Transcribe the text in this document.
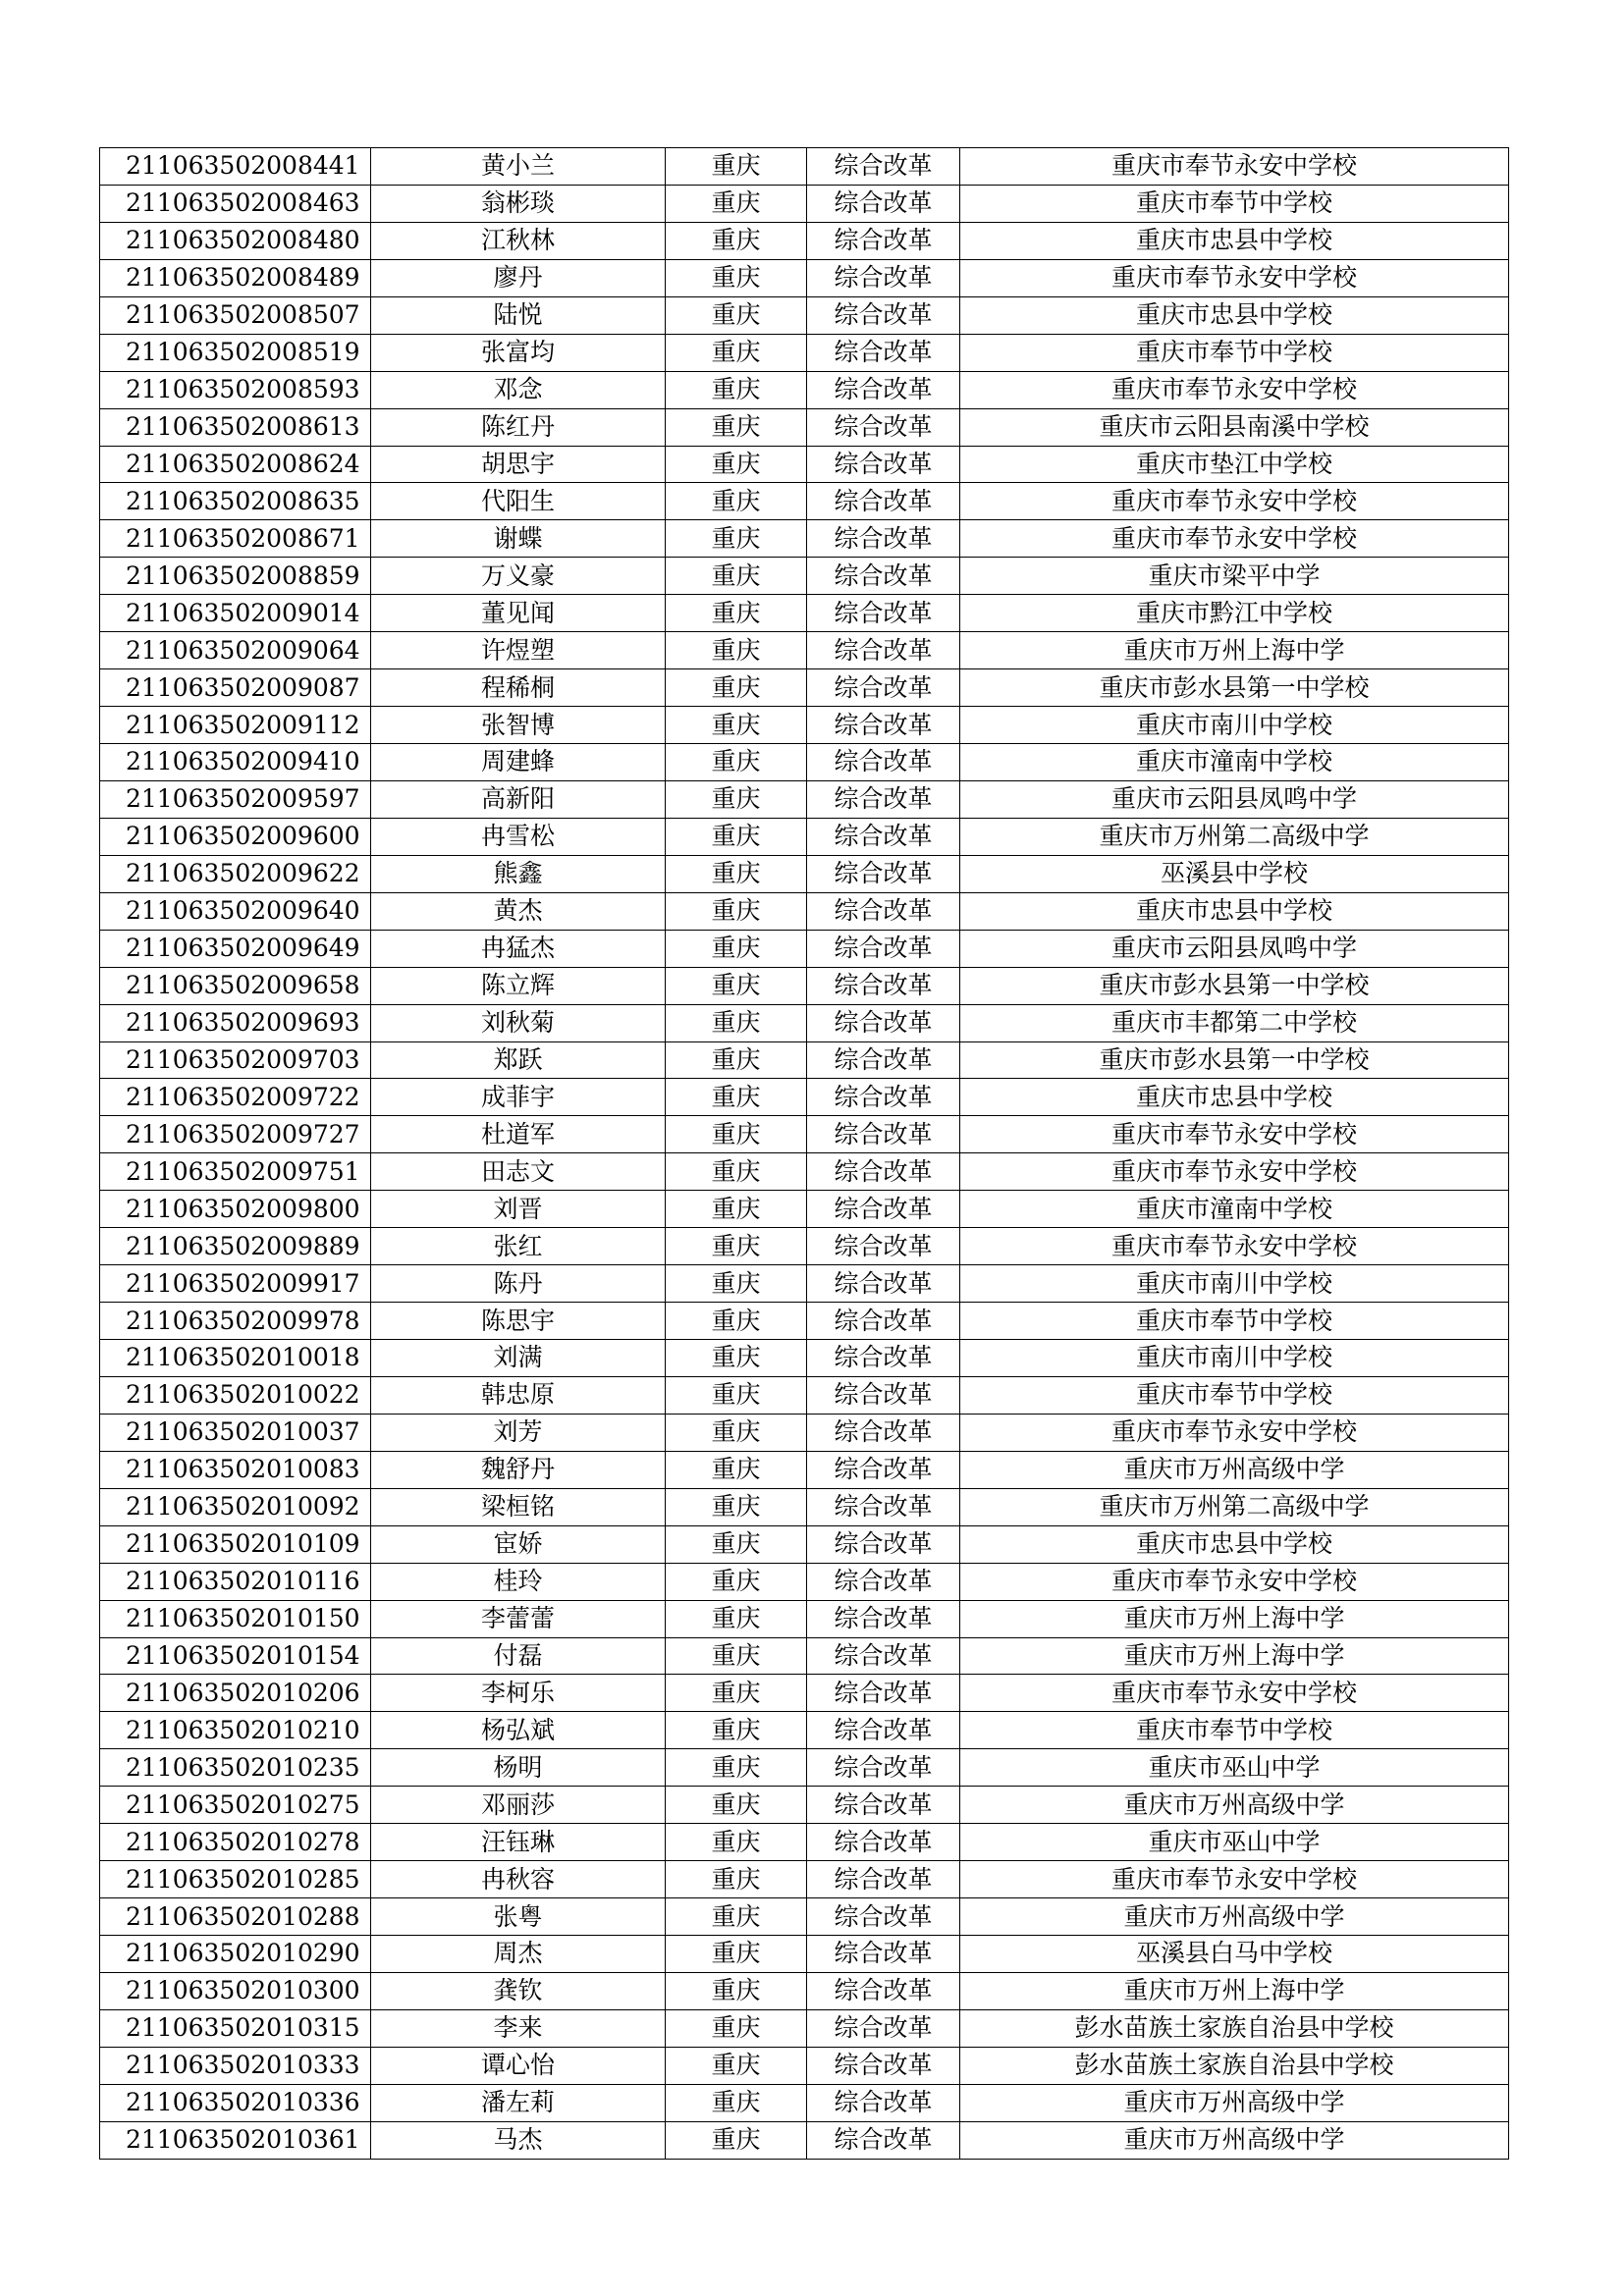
211063502008441	黄小兰	重庆	综合改革	重庆市奉节永安中学校
211063502008463	翁彬琰	重庆	综合改革	重庆市奉节中学校
211063502008480	江秋林	重庆	综合改革	重庆市忠县中学校
211063502008489	廖丹	重庆	综合改革	重庆市奉节永安中学校
211063502008507	陆悦	重庆	综合改革	重庆市忠县中学校
211063502008519	张富均	重庆	综合改革	重庆市奉节中学校
211063502008593	邓念	重庆	综合改革	重庆市奉节永安中学校
211063502008613	陈红丹	重庆	综合改革	重庆市云阳县南溪中学校
211063502008624	胡思宇	重庆	综合改革	重庆市垫江中学校
211063502008635	代阳生	重庆	综合改革	重庆市奉节永安中学校
211063502008671	谢蝶	重庆	综合改革	重庆市奉节永安中学校
211063502008859	万义豪	重庆	综合改革	重庆市梁平中学
211063502009014	董见闻	重庆	综合改革	重庆市黔江中学校
211063502009064	许煜塑	重庆	综合改革	重庆市万州上海中学
211063502009087	程稀桐	重庆	综合改革	重庆市彭水县第一中学校
211063502009112	张智博	重庆	综合改革	重庆市南川中学校
211063502009410	周建蜂	重庆	综合改革	重庆市潼南中学校
211063502009597	高新阳	重庆	综合改革	重庆市云阳县凤鸣中学
211063502009600	冉雪松	重庆	综合改革	重庆市万州第二高级中学
211063502009622	熊鑫	重庆	综合改革	巫溪县中学校
211063502009640	黄杰	重庆	综合改革	重庆市忠县中学校
211063502009649	冉猛杰	重庆	综合改革	重庆市云阳县凤鸣中学
211063502009658	陈立辉	重庆	综合改革	重庆市彭水县第一中学校
211063502009693	刘秋菊	重庆	综合改革	重庆市丰都第二中学校
211063502009703	郑跃	重庆	综合改革	重庆市彭水县第一中学校
211063502009722	成菲宇	重庆	综合改革	重庆市忠县中学校
211063502009727	杜道军	重庆	综合改革	重庆市奉节永安中学校
211063502009751	田志文	重庆	综合改革	重庆市奉节永安中学校
211063502009800	刘晋	重庆	综合改革	重庆市潼南中学校
211063502009889	张红	重庆	综合改革	重庆市奉节永安中学校
211063502009917	陈丹	重庆	综合改革	重庆市南川中学校
211063502009978	陈思宇	重庆	综合改革	重庆市奉节中学校
211063502010018	刘满	重庆	综合改革	重庆市南川中学校
211063502010022	韩忠原	重庆	综合改革	重庆市奉节中学校
211063502010037	刘芳	重庆	综合改革	重庆市奉节永安中学校
211063502010083	魏舒丹	重庆	综合改革	重庆市万州高级中学
211063502010092	梁桓铭	重庆	综合改革	重庆市万州第二高级中学
211063502010109	宦娇	重庆	综合改革	重庆市忠县中学校
211063502010116	桂玲	重庆	综合改革	重庆市奉节永安中学校
211063502010150	李蕾蕾	重庆	综合改革	重庆市万州上海中学
211063502010154	付磊	重庆	综合改革	重庆市万州上海中学
211063502010206	李柯乐	重庆	综合改革	重庆市奉节永安中学校
211063502010210	杨弘斌	重庆	综合改革	重庆市奉节中学校
211063502010235	杨明	重庆	综合改革	重庆市巫山中学
211063502010275	邓丽莎	重庆	综合改革	重庆市万州高级中学
211063502010278	汪钰琳	重庆	综合改革	重庆市巫山中学
211063502010285	冉秋容	重庆	综合改革	重庆市奉节永安中学校
211063502010288	张粤	重庆	综合改革	重庆市万州高级中学
211063502010290	周杰	重庆	综合改革	巫溪县白马中学校
211063502010300	龚钦	重庆	综合改革	重庆市万州上海中学
211063502010315	李来	重庆	综合改革	彭水苗族土家族自治县中学校
211063502010333	谭心怡	重庆	综合改革	彭水苗族土家族自治县中学校
211063502010336	潘左莉	重庆	综合改革	重庆市万州高级中学
211063502010361	马杰	重庆	综合改革	重庆市万州高级中学
